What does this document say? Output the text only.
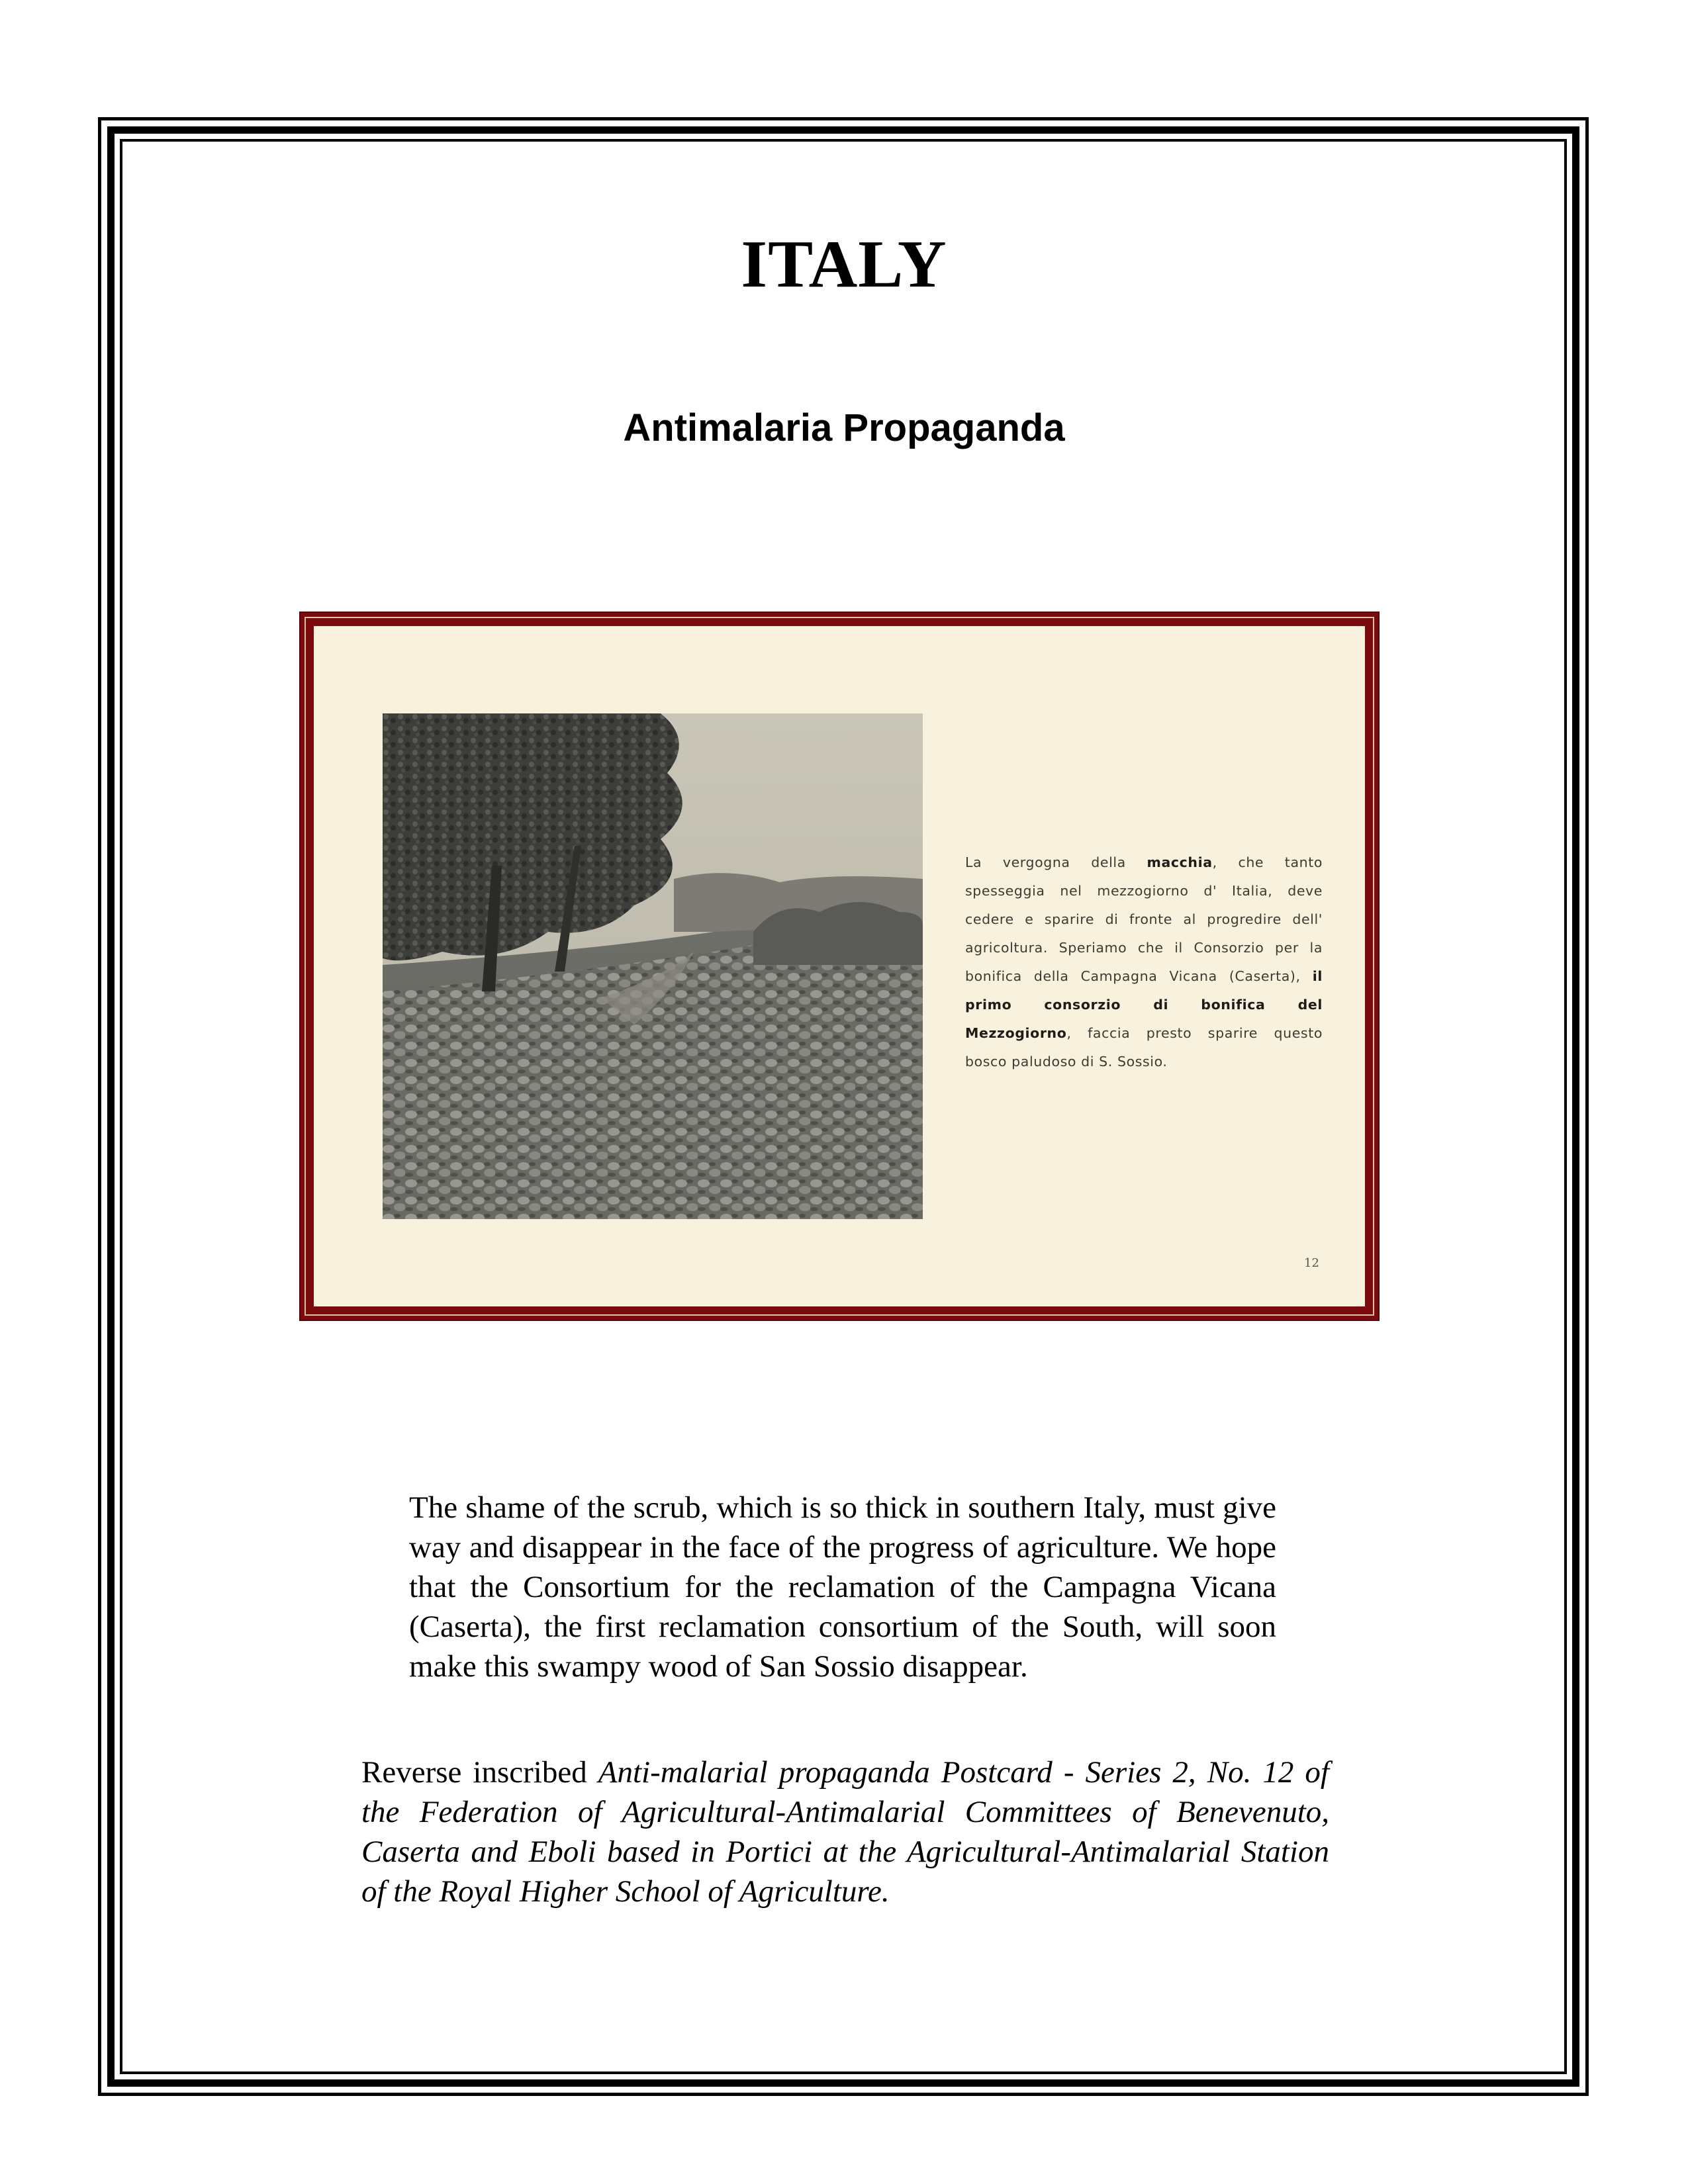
ITALY
Antimalaria Propaganda
La vergogna della macchia, che tanto spesseggia nel mezzogiorno d' Italia, deve cedere e sparire di fronte al progredire dell' agricoltura. Speriamo che il Consorzio per la bonifica della Campagna Vicana (Caserta), il primo consorzio di bonifica del Mezzogiorno, faccia presto sparire questo bosco paludoso di S. Sossio.
12
The shame of the scrub, which is so thick in southern Italy, must give way and disappear in the face of the progress of agriculture. We hope that the Consortium for the reclamation of the Campagna Vicana (Caserta), the first reclamation consortium of the South, will soon make this swampy wood of San Sossio disappear.
Reverse inscribed Anti-malarial propaganda Postcard - Series 2, No. 12 of the Federation of Agricultural-Antimalarial Committees of Benevenuto, Caserta and Eboli based in Portici at the Agricultural-Antimalarial Station of the Royal Higher School of Agriculture.
